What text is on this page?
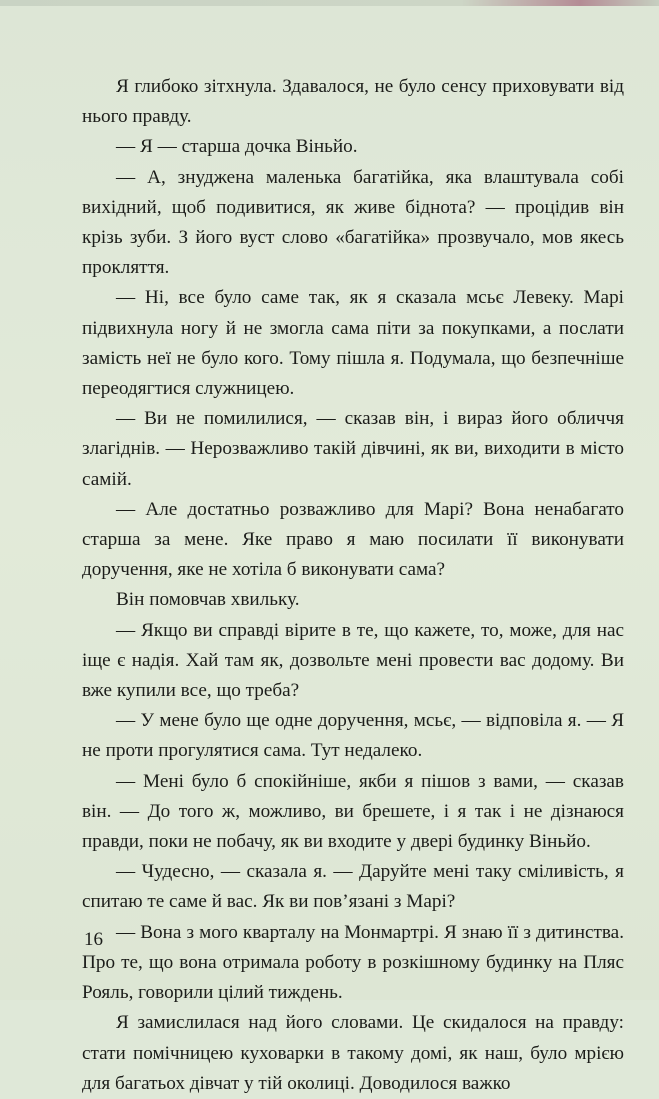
Я глибоко зітхнула. Здавалося, не було сенсу приховувати від нього правду.

— Я — старша дочка Віньйо.

— А, знуджена маленька багатійка, яка влаштувала собі вихідний, щоб подивитися, як живе біднота? — процідив він крізь зуби. З його вуст слово «багатійка» прозвучало, мов якесь прокляття.

— Ні, все було саме так, як я сказала мсьє Левеку. Марі підвихнула ногу й не змогла сама піти за покупками, а послати замість неї не було кого. Тому пішла я. Подумала, що безпечніше переодягтися служницею.

— Ви не помилилися, — сказав він, і вираз його обличчя злагіднів. — Нерозважливо такій дівчині, як ви, виходити в місто самій.

— Але достатньо розважливо для Марі? Вона ненабагато старша за мене. Яке право я маю посилати її виконувати доручення, яке не хотіла б виконувати сама?

Він помовчав хвильку.

— Якщо ви справді вірите в те, що кажете, то, може, для нас іще є надія. Хай там як, дозвольте мені провести вас додому. Ви вже купили все, що треба?

— У мене було ще одне доручення, мсьє, — відповіла я. — Я не проти прогулятися сама. Тут недалеко.

— Мені було б спокійніше, якби я пішов з вами, — сказав він. — До того ж, можливо, ви брешете, і я так і не дізнаюся правди, поки не побачу, як ви входите у двері будинку Віньйо.

— Чудесно, — сказала я. — Даруйте мені таку сміливість, я спитаю те саме й вас. Як ви пов’язані з Марі?

— Вона з мого кварталу на Монмартрі. Я знаю її з дитинства. Про те, що вона отримала роботу в розкішному будинку на Пляс Рояль, говорили цілий тиждень.

Я замислилася над його словами. Це скидалося на правду: стати помічницею куховарки в такому домі, як наш, було мрією для багатьох дівчат у тій околиці. Доводилося важко

16
